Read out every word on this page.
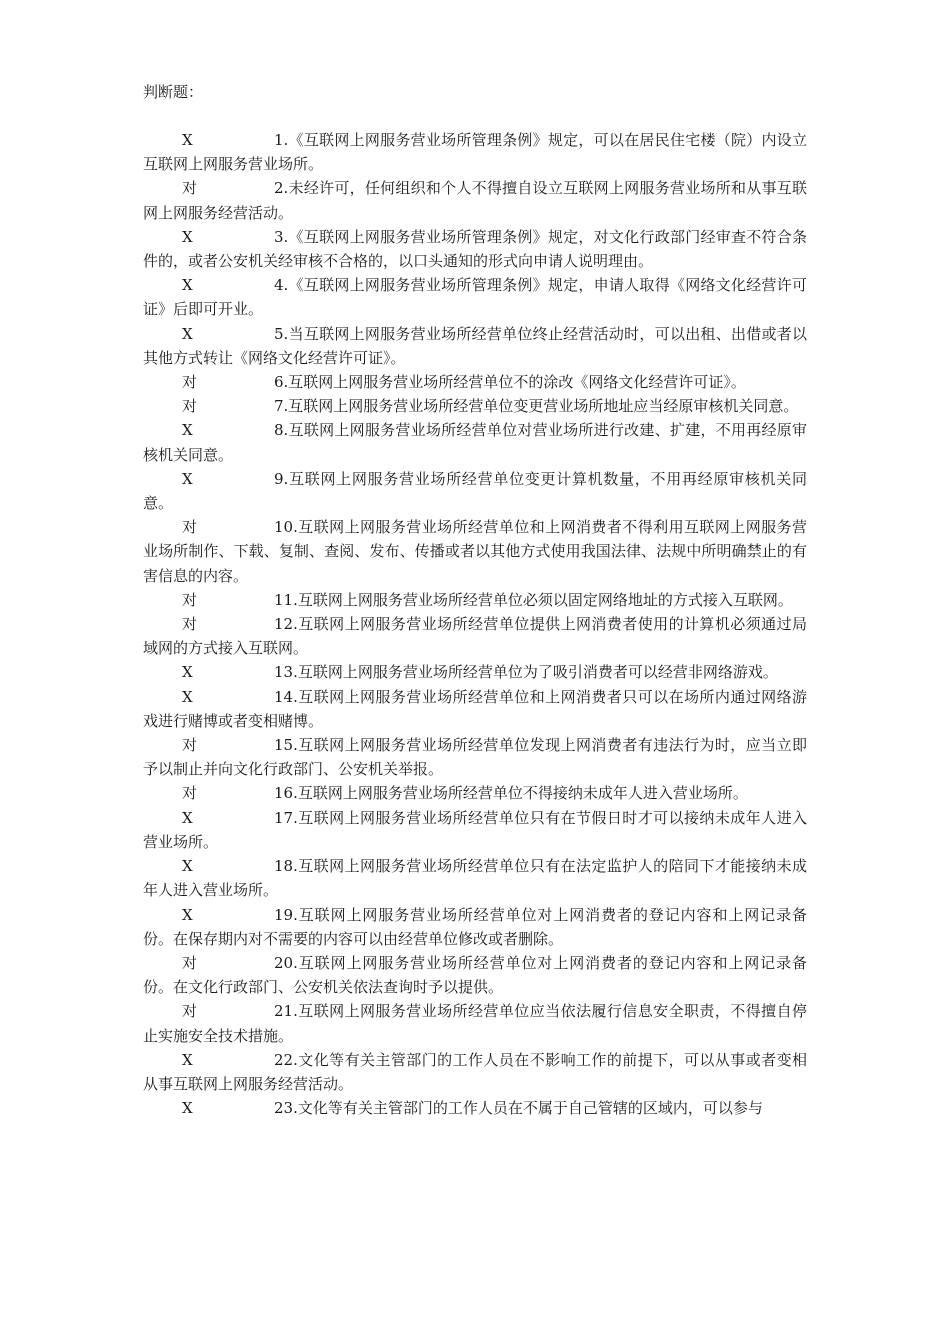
判断题：
X	1.《互联网上网服务营业场所管理条例》规定，可以在居民住宅楼（院）内设立互联网上网服务营业场所。
对	2.未经许可，任何组织和个人不得擅自设立互联网上网服务营业场所和从事互联网上网服务经营活动。
X	3.《互联网上网服务营业场所管理条例》规定，对文化行政部门经审查不符合条件的，或者公安机关经审核不合格的，以口头通知的形式向申请人说明理由。
X	4.《互联网上网服务营业场所管理条例》规定，申请人取得《网络文化经营许可证》后即可开业。
X	5.当互联网上网服务营业场所经营单位终止经营活动时，可以出租、出借或者以其他方式转让《网络文化经营许可证》。
对	6.互联网上网服务营业场所经营单位不的涂改《网络文化经营许可证》。
对	7.互联网上网服务营业场所经营单位变更营业场所地址应当经原审核机关同意。
X	8.互联网上网服务营业场所经营单位对营业场所进行改建、扩建，不用再经原审核机关同意。
X	9.互联网上网服务营业场所经营单位变更计算机数量，不用再经原审核机关同意。
对	10.互联网上网服务营业场所经营单位和上网消费者不得利用互联网上网服务营业场所制作、下载、复制、查阅、发布、传播或者以其他方式使用我国法律、法规中所明确禁止的有害信息的内容。
对	11.互联网上网服务营业场所经营单位必须以固定网络地址的方式接入互联网。
对	12.互联网上网服务营业场所经营单位提供上网消费者使用的计算机必须通过局域网的方式接入互联网。
X	13.互联网上网服务营业场所经营单位为了吸引消费者可以经营非网络游戏。
X	14.互联网上网服务营业场所经营单位和上网消费者只可以在场所内通过网络游戏进行赌博或者变相赌博。
对	15.互联网上网服务营业场所经营单位发现上网消费者有违法行为时，应当立即予以制止并向文化行政部门、公安机关举报。
对	16.互联网上网服务营业场所经营单位不得接纳未成年人进入营业场所。
X	17.互联网上网服务营业场所经营单位只有在节假日时才可以接纳未成年人进入营业场所。
X	18.互联网上网服务营业场所经营单位只有在法定监护人的陪同下才能接纳未成年人进入营业场所。
X	19.互联网上网服务营业场所经营单位对上网消费者的登记内容和上网记录备份。在保存期内对不需要的内容可以由经营单位修改或者删除。
对	20.互联网上网服务营业场所经营单位对上网消费者的登记内容和上网记录备份。在文化行政部门、公安机关依法查询时予以提供。
对	21.互联网上网服务营业场所经营单位应当依法履行信息安全职责，不得擅自停止实施安全技术措施。
X	22.文化等有关主管部门的工作人员在不影响工作的前提下，可以从事或者变相从事互联网上网服务经营活动。
X	23.文化等有关主管部门的工作人员在不属于自己管辖的区域内，可以参与
